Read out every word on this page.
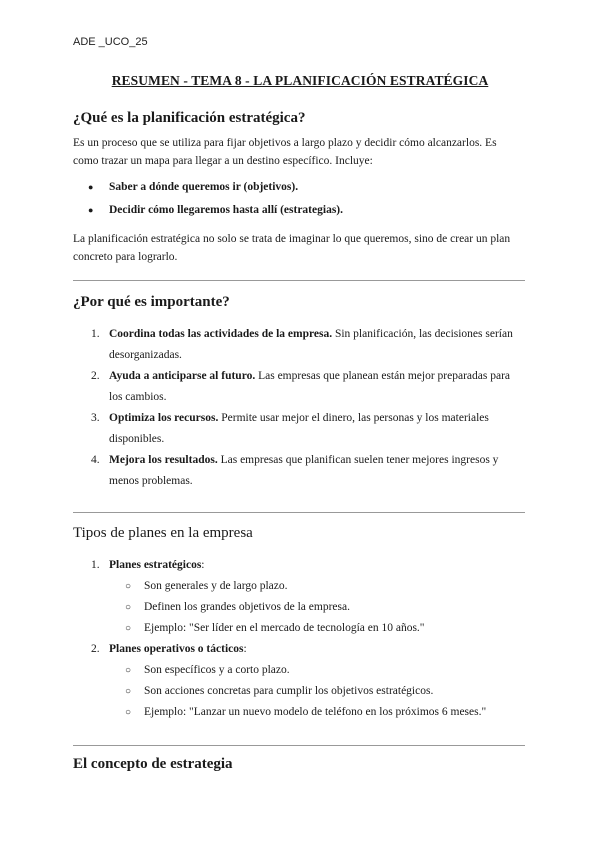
ADE _UCO_25
RESUMEN - TEMA 8 - LA PLANIFICACIÓN ESTRATÉGICA
¿Qué es la planificación estratégica?

Es un proceso que se utiliza para fijar objetivos a largo plazo y decidir cómo alcanzarlos. Es como trazar un mapa para llegar a un destino específico. Incluye:

● Saber a dónde queremos ir (objetivos).
● Decidir cómo llegaremos hasta allí (estrategias).

La planificación estratégica no solo se trata de imaginar lo que queremos, sino de crear un plan concreto para lograrlo.

¿Por qué es importante?
1. Coordina todas las actividades de la empresa. Sin planificación, las decisiones serían desorganizadas.
2. Ayuda a anticiparse al futuro. Las empresas que planean están mejor preparadas para los cambios.
3. Optimiza los recursos. Permite usar mejor el dinero, las personas y los materiales disponibles.
4. Mejora los resultados. Las empresas que planifican suelen tener mejores ingresos y menos problemas.
Tipos de planes en la empresa
1. Planes estratégicos:
○ Son generales y de largo plazo.
○ Definen los grandes objetivos de la empresa.
○ Ejemplo: "Ser líder en el mercado de tecnología en 10 años."
2. Planes operativos o tácticos:
○ Son específicos y a corto plazo.
○ Son acciones concretas para cumplir los objetivos estratégicos.
○ Ejemplo: "Lanzar un nuevo modelo de teléfono en los próximos 6 meses."
El concepto de estrategia
